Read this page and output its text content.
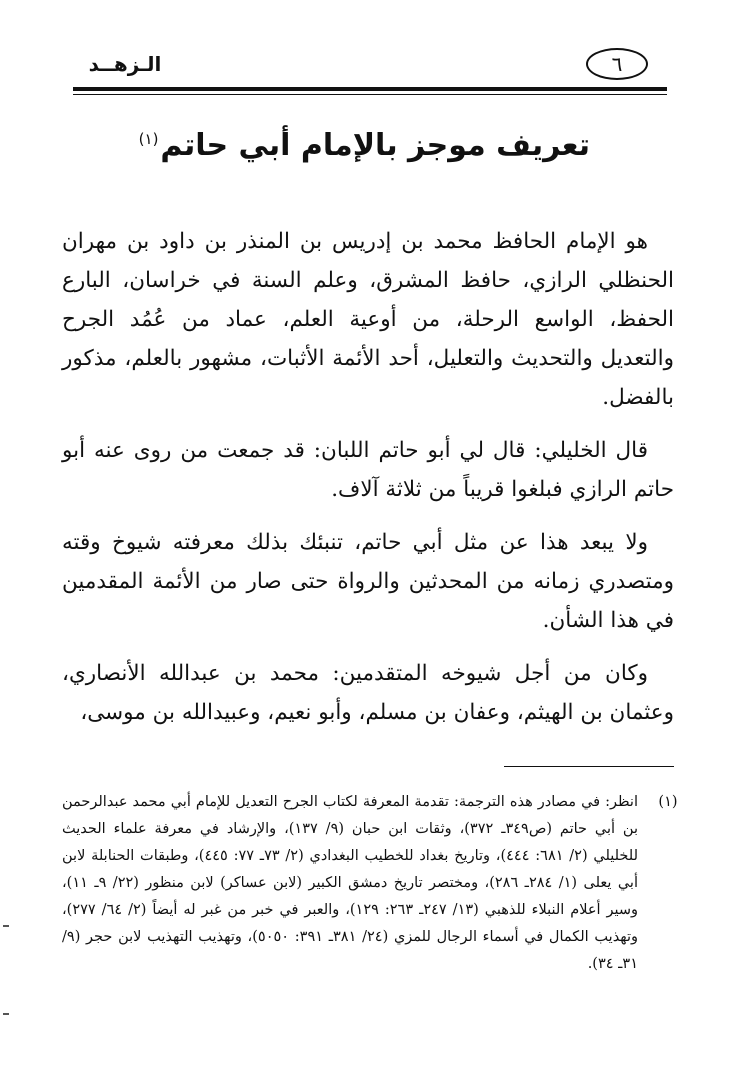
٦
الـزهــد
تعريف موجز بالإمام أبي حاتم$^{(١)}$

هو الإمام الحافظ محمد بن إدريس بن المنذر بن داود بن مهران الحنظلي الرازي، حافظ المشرق، وعلم السنة في خراسان، البارع الحفظ، الواسع الرحلة، من أوعية العلم، عماد من عُمُد الجرح والتعديل والتحديث والتعليل، أحد الأئمة الأثبات، مشهور بالعلم، مذكور بالفضل.

قال الخليلي: قال لي أبو حاتم اللبان: قد جمعت من روى عنه أبو حاتم الرازي فبلغوا قريباً من ثلاثة آلاف.

ولا يبعد هذا عن مثل أبي حاتم، تنبئك بذلك معرفته شيوخ وقته ومتصدري زمانه من المحدثين والرواة حتى صار من الأئمة المقدمين في هذا الشأن.

وكان من أجل شيوخه المتقدمين: محمد بن عبدالله الأنصاري، وعثمان بن الهيثم، وعفان بن مسلم، وأبو نعيم، وعبيدالله بن موسى،

(١)
انظر: في مصادر هذه الترجمة: تقدمة المعرفة لكتاب الجرح التعديل للإمام أبي محمد عبدالرحمن بن أبي حاتم (ص٣٤٩ـ ٣٧٢)، وثقات ابن حبان (٩/ ١٣٧)، والإرشاد في معرفة علماء الحديث للخليلي (٢/ ٦٨١: ٤٤٤)، وتاريخ بغداد للخطيب البغدادي (٢/ ٧٣ـ ٧٧: ٤٤٥)، وطبقات الحنابلة لابن أبي يعلى (١/ ٢٨٤ـ ٢٨٦)، ومختصر تاريخ دمشق الكبير (لابن عساكر) لابن منظور (٢٢/ ٩ـ ١١)، وسير أعلام النبلاء للذهبي (١٣/ ٢٤٧ـ ٢٦٣: ١٢٩)، والعبر في خبر من غبر له أيضاً (٢/ ٦٤/ ٢٧٧)، وتهذيب الكمال في أسماء الرجال للمزي (٢٤/ ٣٨١ـ ٣٩١: ٥٠٥٠)، وتهذيب التهذيب لابن حجر (٩/ ٣١ـ ٣٤).
